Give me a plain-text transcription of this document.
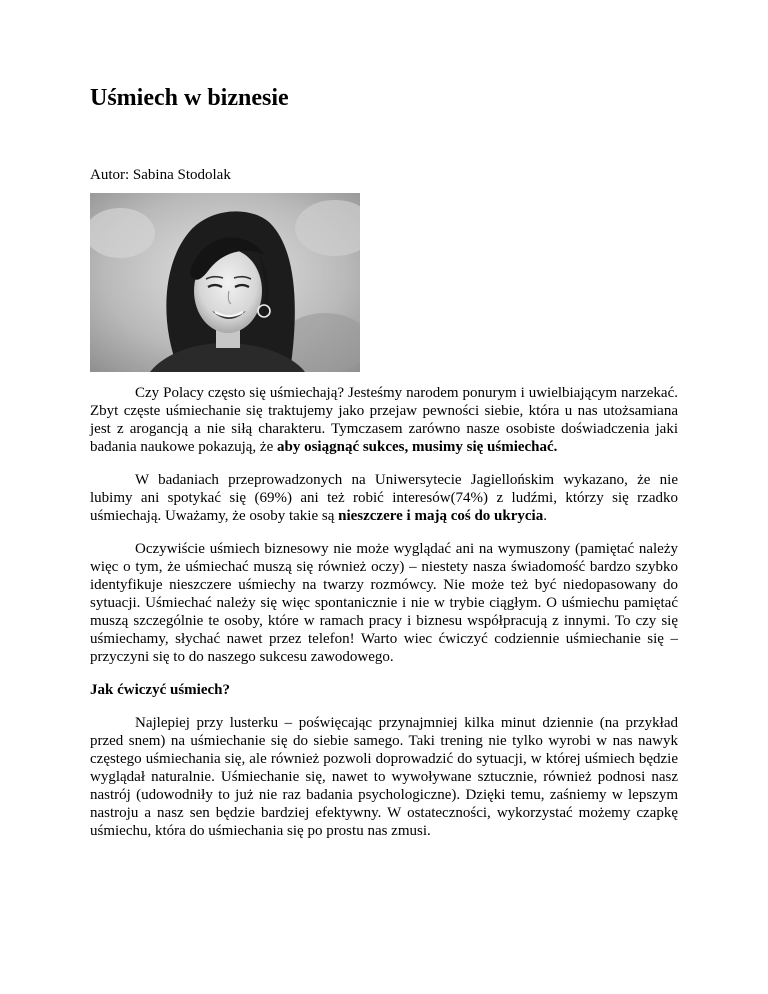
Uśmiech w biznesie

Autor: Sabina Stodolak

Czy Polacy często się uśmiechają? Jesteśmy narodem ponurym i uwielbiającym narzekać. Zbyt częste uśmiechanie się traktujemy jako przejaw pewności siebie, która u nas utożsamiana jest z arogancją a nie siłą charakteru. Tymczasem zarówno nasze osobiste doświadczenia jaki badania naukowe pokazują, że aby osiągnąć sukces, musimy się uśmiechać.

W badaniach przeprowadzonych na Uniwersytecie Jagiellońskim wykazano, że nie lubimy ani spotykać się (69%) ani też robić interesów(74%) z ludźmi, którzy się rzadko uśmiechają. Uważamy, że osoby takie są nieszczere i mają coś do ukrycia.

Oczywiście uśmiech biznesowy nie może wyglądać ani na wymuszony (pamiętać należy więc o tym, że uśmiechać muszą się również oczy) – niestety nasza świadomość bardzo szybko identyfikuje nieszczere uśmiechy na twarzy rozmówcy. Nie może też być niedopasowany do sytuacji. Uśmiechać należy się więc spontanicznie i nie w trybie ciągłym. O uśmiechu pamiętać muszą szczególnie te osoby, które w ramach pracy i biznesu współpracują z innymi. To czy się uśmiechamy, słychać nawet przez telefon! Warto wiec ćwiczyć codziennie uśmiechanie się – przyczyni się to do naszego sukcesu zawodowego.

Jak ćwiczyć uśmiech?

Najlepiej przy lusterku – poświęcając przynajmniej kilka minut dziennie (na przykład przed snem) na uśmiechanie się do siebie samego. Taki trening nie tylko wyrobi w nas nawyk częstego uśmiechania się, ale również pozwoli doprowadzić do sytuacji, w której uśmiech będzie wyglądał naturalnie. Uśmiechanie się, nawet to wywoływane sztucznie, również podnosi nasz nastrój (udowodniły to już nie raz badania psychologiczne). Dzięki temu, zaśniemy w lepszym nastroju a nasz sen będzie bardziej efektywny. W ostateczności, wykorzystać możemy czapkę uśmiechu, która do uśmiechania się po prostu nas zmusi.
